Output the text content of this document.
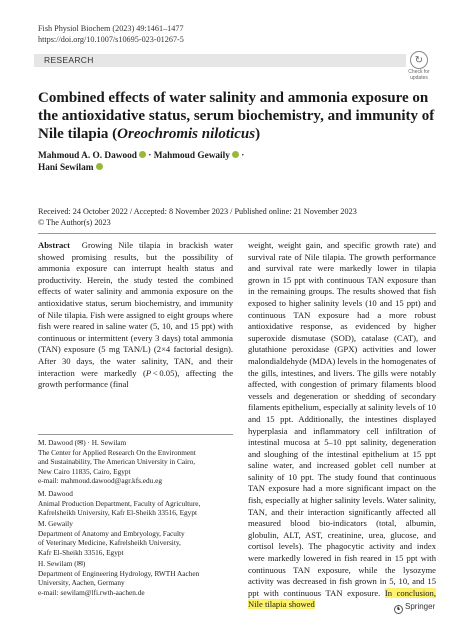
Fish Physiol Biochem (2023) 49:1461–1477
https://doi.org/10.1007/s10695-023-01267-5
RESEARCH	↻
Check for
updates
Combined effects of water salinity and ammonia exposure on the antioxidative status, serum biochemistry, and immunity of Nile tilapia (Oreochromis niloticus)
Mahmoud A. O. Dawood · Mahmoud Gewaily ·
Hani Sewilam
Received: 24 October 2022 / Accepted: 8 November 2023 / Published online: 21 November 2023
© The Author(s) 2023
Abstract Growing Nile tilapia in brackish water showed promising results, but the possibility of ammonia exposure can interrupt health status and productivity. Herein, the study tested the combined effects of water salinity and ammonia exposure on the antioxidative status, serum biochemistry, and immunity of Nile tilapia. Fish were assigned to eight groups where fish were reared in saline water (5, 10, and 15 ppt) with continuous or intermittent (every 3 days) total ammonia (TAN) exposure (5 mg TAN/L) (2×4 factorial design). After 30 days, the water salinity, TAN, and their interaction were markedly (P < 0.05), affecting the growth performance (final
M. Dawood (✉) · H. Sewilam
The Center for Applied Research On the Environment
and Sustainability, The American University in Cairo,
New Cairo 11835, Cairo, Egypt
e-mail: mahmoud.dawood@agr.kfs.edu.eg
M. Dawood
Animal Production Department, Faculty of Agriculture,
Kafrelsheikh University, Kafr El-Sheikh 33516, Egypt
M. Gewaily
Department of Anatomy and Embryology, Faculty
of Veterinary Medicine, Kafrelsheikh University,
Kafr El-Sheikh 33516, Egypt
H. Sewilam (✉)
Department of Engineering Hydrology, RWTH Aachen
University, Aachen, Germany
e-mail: sewilam@lfi.rwth-aachen.de
weight, weight gain, and specific growth rate) and survival rate of Nile tilapia. The growth performance and survival rate were markedly lower in tilapia grown in 15 ppt with continuous TAN exposure than in the remaining groups. The results showed that fish exposed to higher salinity levels (10 and 15 ppt) and continuous TAN exposure had a more robust antioxidative response, as evidenced by higher superoxide dismutase (SOD), catalase (CAT), and glutathione peroxidase (GPX) activities and lower malondialdehyde (MDA) levels in the homogenates of the gills, intestines, and livers. The gills were notably affected, with congestion of primary filaments blood vessels and degeneration or shedding of secondary filaments epithelium, especially at salinity levels of 10 and 15 ppt. Additionally, the intestines displayed hyperplasia and inflammatory cell infiltration of intestinal mucosa at 5–10 ppt salinity, degeneration and sloughing of the intestinal epithelium at 15 ppt saline water, and increased goblet cell number at salinity of 10 ppt. The study found that continuous TAN exposure had a more significant impact on the fish, especially at higher salinity levels. Water salinity, TAN, and their interaction significantly affected all measured blood bio-indicators (total, albumin, globulin, ALT, AST, creatinine, urea, glucose, and cortisol levels). The phagocytic activity and index were markedly lowered in fish reared in 15 ppt with continuous TAN exposure, while the lysozyme activity was decreased in fish grown in 5, 10, and 15 ppt with continuous TAN exposure. In conclusion, Nile tilapia showed	♞ Springer
